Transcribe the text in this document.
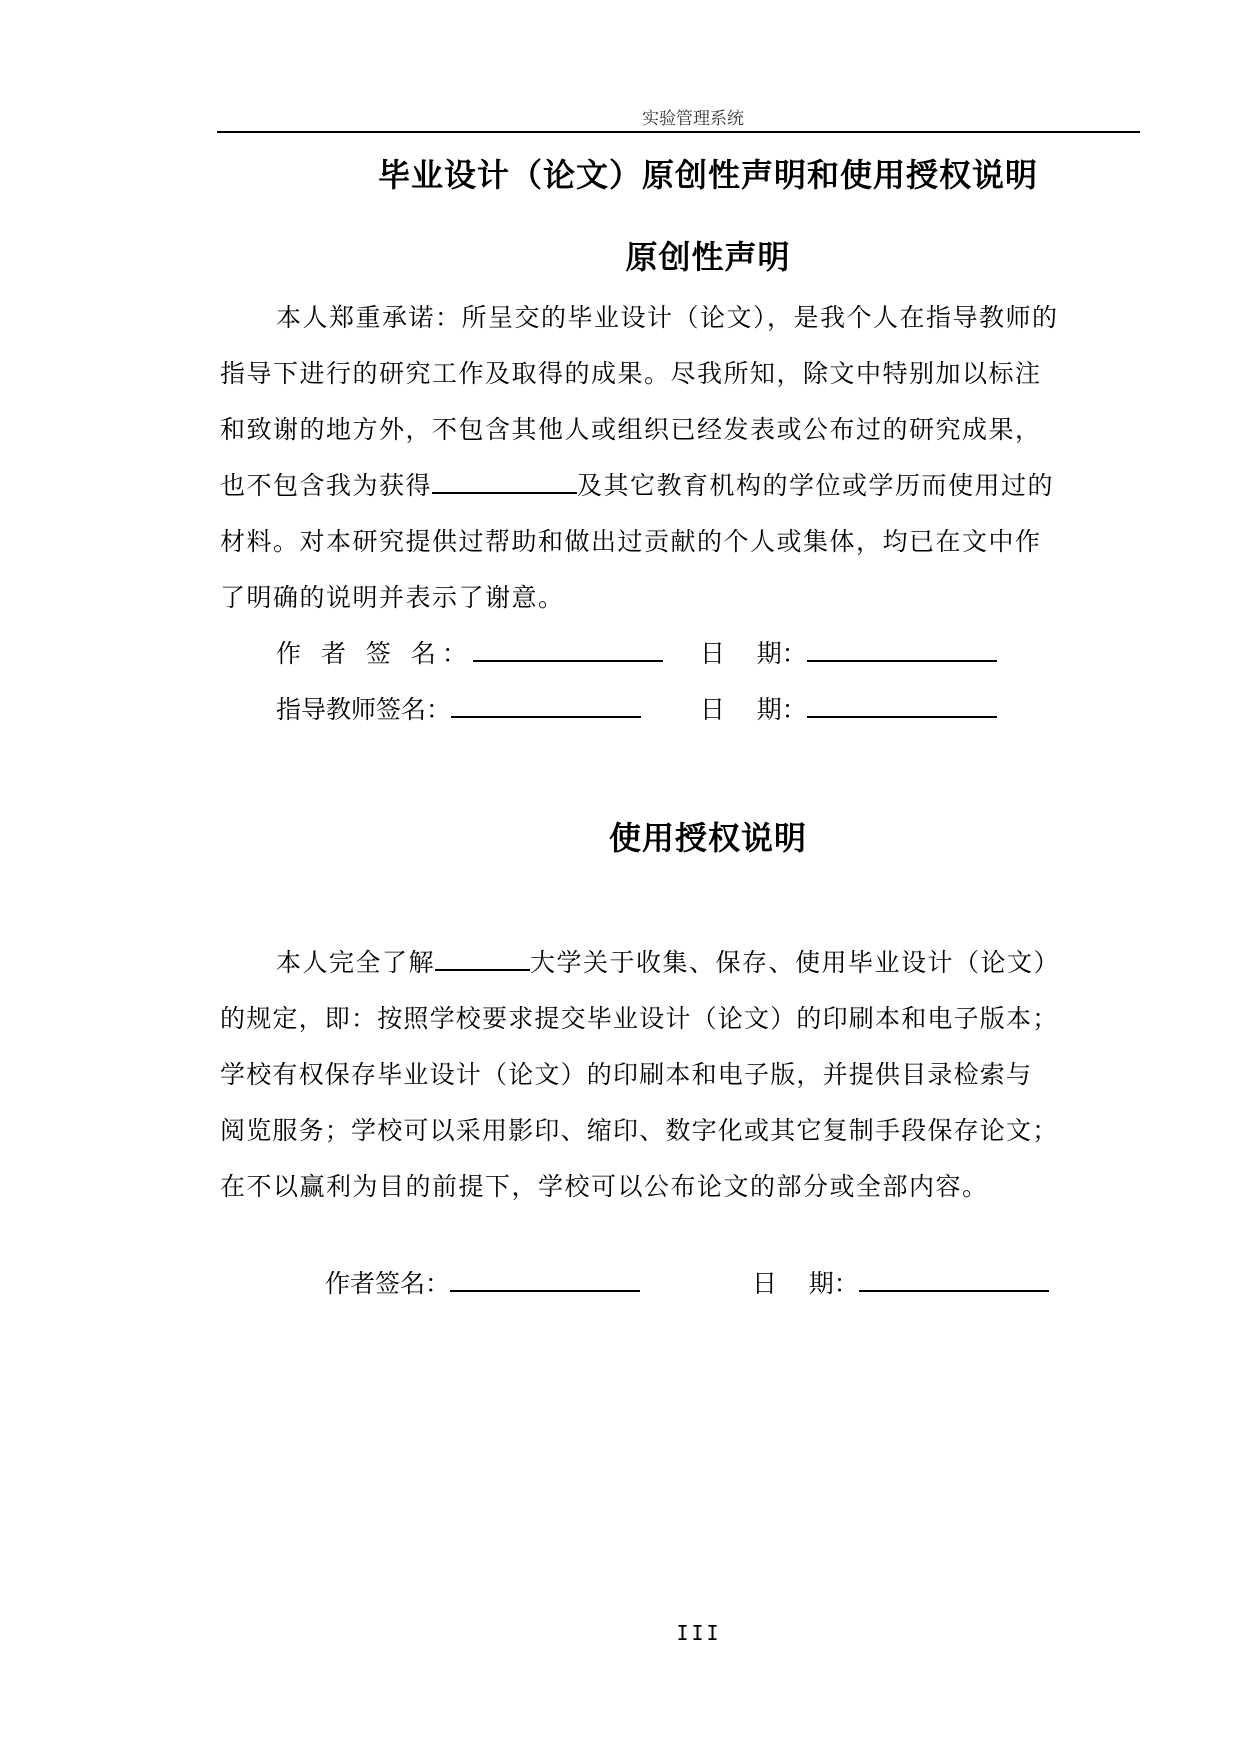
实验管理系统
毕业设计（论文）原创性声明和使用授权说明
原创性声明
本人郑重承诺：所呈交的毕业设计（论文），是我个人在指导教师的
指导下进行的研究工作及取得的成果。尽我所知，除文中特别加以标注
和致谢的地方外，不包含其他人或组织已经发表或公布过的研究成果，
也不包含我为获得	及其它教育机构的学位或学历而使用过的
材料。对本研究提供过帮助和做出过贡献的个人或集体，均已在文中作
了明确的说明并表示了谢意。
作 者 签 名：	日    期：
指导教师签名：	日    期：
使用授权说明
本人完全了解	大学关于收集、保存、使用毕业设计（论文）
的规定，即：按照学校要求提交毕业设计（论文）的印刷本和电子版本；
学校有权保存毕业设计（论文）的印刷本和电子版，并提供目录检索与
阅览服务；学校可以采用影印、缩印、数字化或其它复制手段保存论文；
在不以赢利为目的前提下，学校可以公布论文的部分或全部内容。
作者签名：	日    期：
III
